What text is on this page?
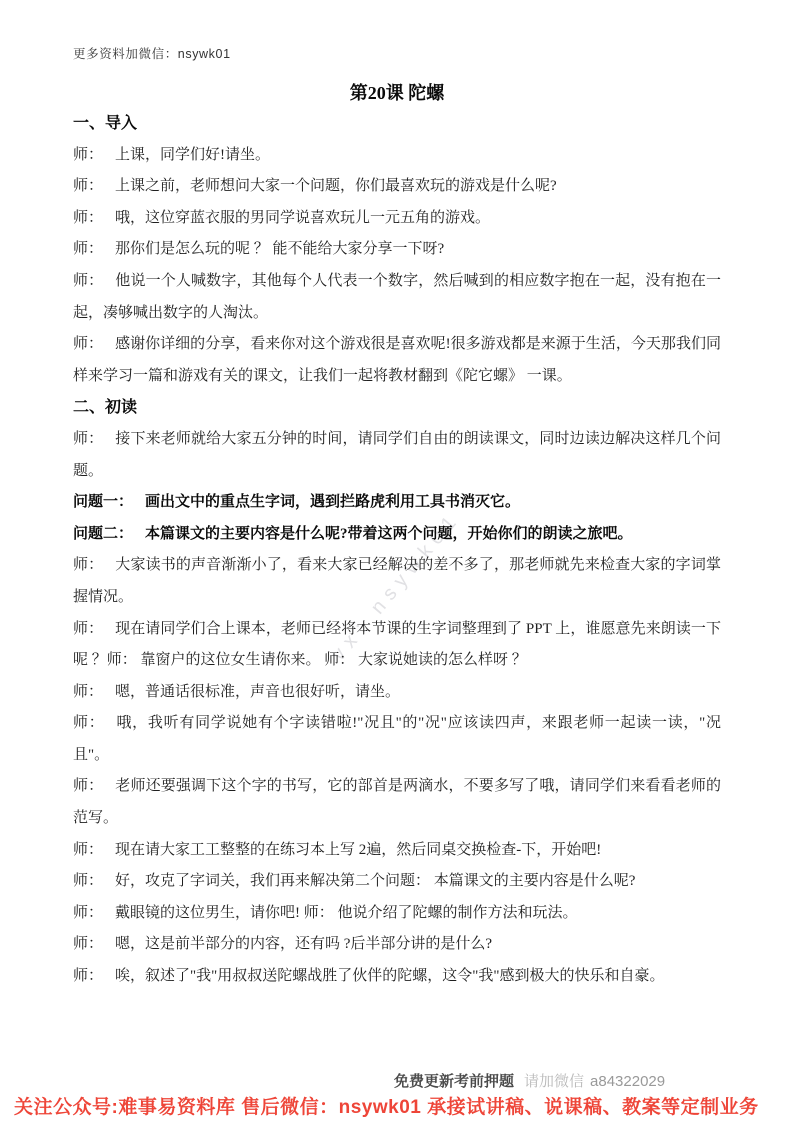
vx：nsywk01
更多资料加微信：nsywk01
第20课 陀螺
一、导入

师： 上课，同学们好!请坐。

师： 上课之前，老师想问大家一个问题，你们最喜欢玩的游戏是什么呢?

师： 哦，这位穿蓝衣服的男同学说喜欢玩儿一元五角的游戏。

师： 那你们是怎么玩的呢 ？ 能不能给大家分享一下呀?

师： 他说一个人喊数字，其他每个人代表一个数字，然后喊到的相应数字抱在一起，没有抱在一起，凑够喊出数字的人淘汰。

师： 感谢你详细的分享，看来你对这个游戏很是喜欢呢!很多游戏都是来源于生活，今天那我们同样来学习一篇和游戏有关的课文，让我们一起将教材翻到《陀它螺》 一课。

二、初读

师： 接下来老师就给大家五分钟的时间，请同学们自由的朗读课文，同时边读边解决这样几个问题。

问题一： 画出文中的重点生字词，遇到拦路虎利用工具书消灭它。

问题二： 本篇课文的主要内容是什么呢?带着这两个问题，开始你们的朗读之旅吧。

师： 大家读书的声音渐渐小了，看来大家已经解决的差不多了，那老师就先来检查大家的字词掌握情况。

师： 现在请同学们合上课本，老师已经将本节课的生字词整理到了 PPT 上，谁愿意先来朗读一下呢 ？师： 靠窗户的这位女生请你来。 师： 大家说她读的怎么样呀 ？

师： 嗯，普通话很标准，声音也很好听，请坐。

师： 哦，我听有同学说她有个字读错啦!"况且"的"况"应该读四声，来跟老师一起读一读，"况且"。

师： 老师还要强调下这个字的书写，它的部首是两滴水，不要多写了哦，请同学们来看看老师的范写。

师： 现在请大家工工整整的在练习本上写 2遍，然后同桌交换检查-下，开始吧!

师： 好，攻克了字词关，我们再来解决第二个问题： 本篇课文的主要内容是什么呢?

师： 戴眼镜的这位男生，请你吧! 师： 他说介绍了陀螺的制作方法和玩法。

师： 嗯，这是前半部分的内容，还有吗 ?后半部分讲的是什么?

师： 唉，叙述了"我"用叔叔送陀螺战胜了伙伴的陀螺，这令"我"感到极大的快乐和自豪。

免费更新考前押题 请加微信 a84322029
关注公众号:难事易资料库 售后微信：nsywk01 承接试讲稿、说课稿、教案等定制业务
